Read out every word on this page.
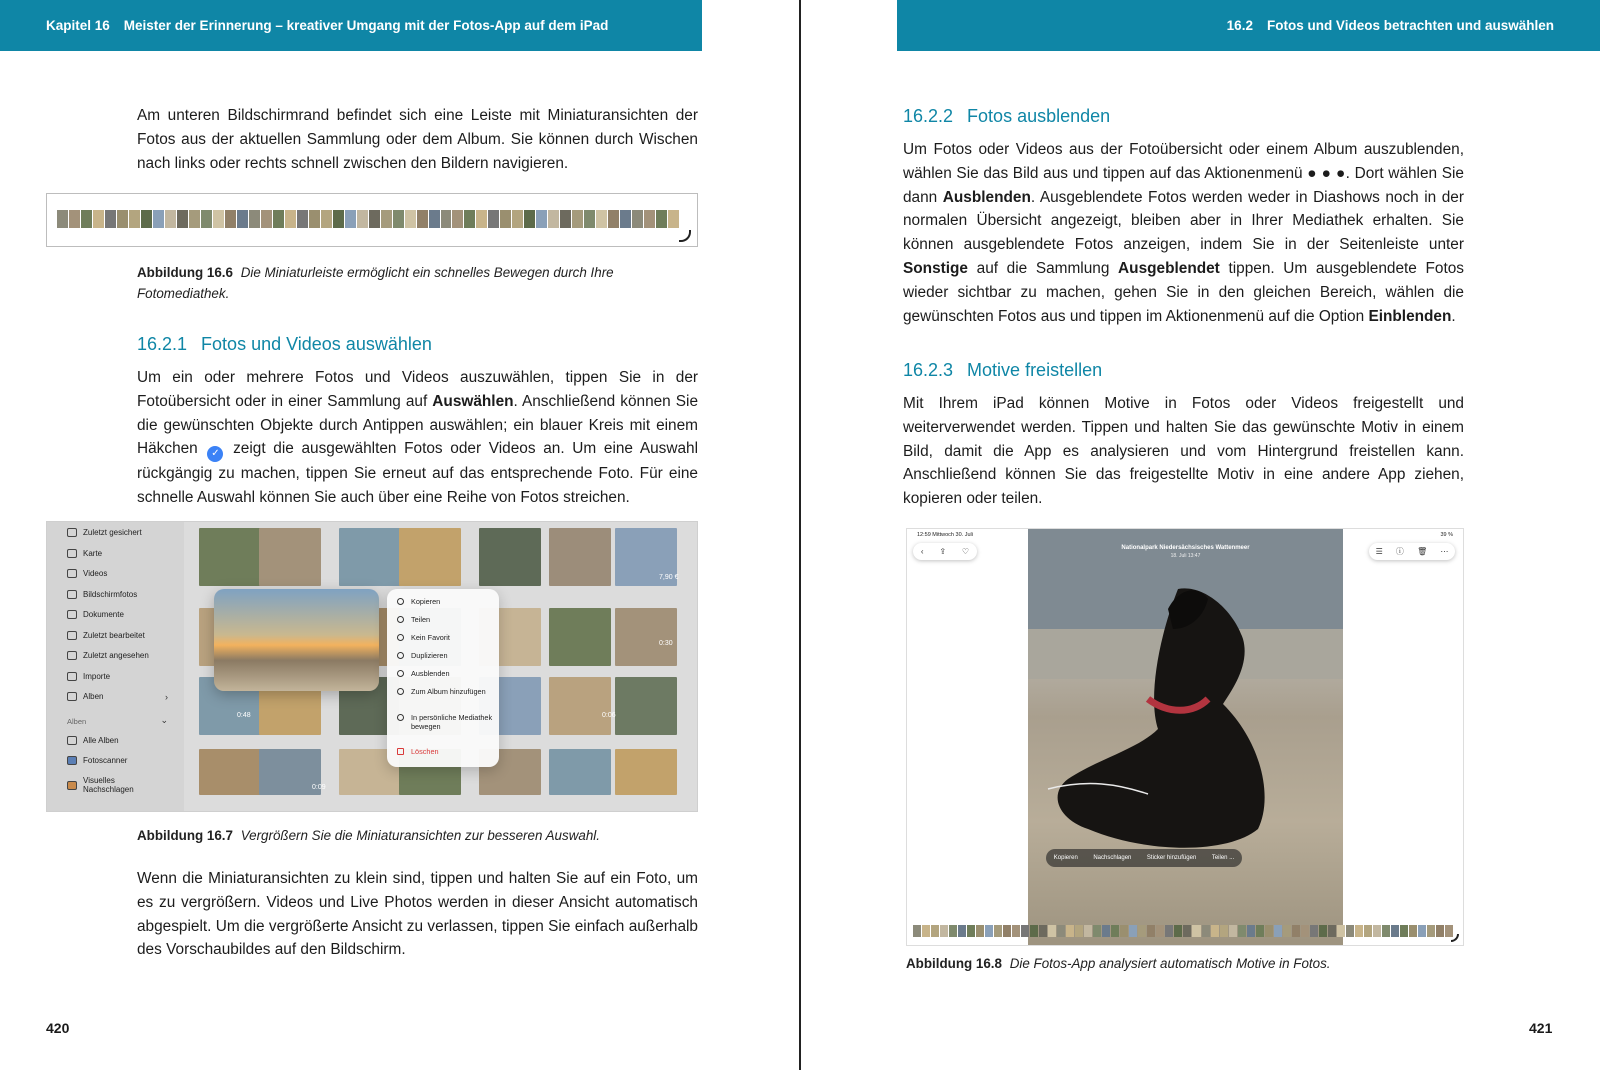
Kapitel 16 Meister der Erinnerung – kreativer Umgang mit der Fotos-App auf dem iPad

Am unteren Bildschirmrand befindet sich eine Leiste mit Miniaturansichten der Fotos aus der aktuellen Sammlung oder dem Album. Sie können durch Wischen nach links oder rechts schnell zwischen den Bildern navigieren.

Abbildung 16.6 Die Miniaturleiste ermöglicht ein schnelles Bewegen durch Ihre Fotomediathek.
16.2.1 Fotos und Videos auswählen

Um ein oder mehrere Fotos und Videos auszuwählen, tippen Sie in der Fotoübersicht oder in einer Sammlung auf Auswählen. Anschließend können Sie die gewünschten Objekte durch Antippen auswählen; ein blauer Kreis mit einem Häkchen ✓ zeigt die ausgewählten Fotos oder Videos an. Um eine Auswahl rückgängig zu machen, tippen Sie erneut auf das entsprechende Foto. Für eine schnelle Auswahl können Sie auch über eine Reihe von Fotos streichen.

Zuletzt gesichert
Karte
Videos
Bildschirmfotos
Dokumente
Zuletzt bearbeitet
Zuletzt angesehen
Importe
Alben	›
Alben	⌄
Alle Alben
Fotoscanner
Visuelles Nachschlagen
0:48	0:06
0:09
0:30
7,90 €
Kopieren
Teilen
Kein Favorit
Duplizieren
Ausblenden
Zum Album hinzufügen
In persönliche Mediathek bewegen
Löschen
Abbildung 16.7 Vergrößern Sie die Miniaturansichten zur besseren Auswahl.

Wenn die Miniaturansichten zu klein sind, tippen und halten Sie auf ein Foto, um es zu vergrößern. Videos und Live Photos werden in dieser Ansicht automatisch abgespielt. Um die vergrößerte Ansicht zu verlassen, tippen Sie einfach außerhalb des Vorschaubildes auf den Bildschirm.

420
16.2 Fotos und Videos betrachten und auswählen
16.2.2 Fotos ausblenden

Um Fotos oder Videos aus der Fotoübersicht oder einem Album auszublenden, wählen Sie das Bild aus und tippen auf das Aktionenmenü ● ● ●. Dort wählen Sie dann Ausblenden. Ausgeblendete Fotos werden weder in Diashows noch in der normalen Übersicht angezeigt, bleiben aber in Ihrer Mediathek erhalten. Sie können ausgeblendete Fotos anzeigen, indem Sie in der Seitenleiste unter Sonstige auf die Sammlung Ausgeblendet tippen. Um ausgeblendete Fotos wieder sichtbar zu machen, gehen Sie in den gleichen Bereich, wählen die gewünschten Fotos aus und tippen im Aktionenmenü auf die Option Einblenden.

16.2.3 Motive freistellen

Mit Ihrem iPad können Motive in Fotos oder Videos freigestellt und weiterverwendet werden. Tippen und halten Sie das gewünschte Motiv in einem Bild, damit die App es analysieren und vom Hintergrund freistellen kann. Anschließend können Sie das freigestellte Motiv in eine andere App ziehen, kopieren oder teilen.

421
12:59 Mittwoch 30. Juli	39 %
‹ ⇪ ♡	Nationalpark Niedersächsisches Wattenmeer
18. Juli 13:47
Kopieren	Nachschlagen	Sticker hinzufügen	Teilen ...
☰ ⓘ 🗑 ⋯
Abbildung 16.8 Die Fotos-App analysiert automatisch Motive in Fotos.
